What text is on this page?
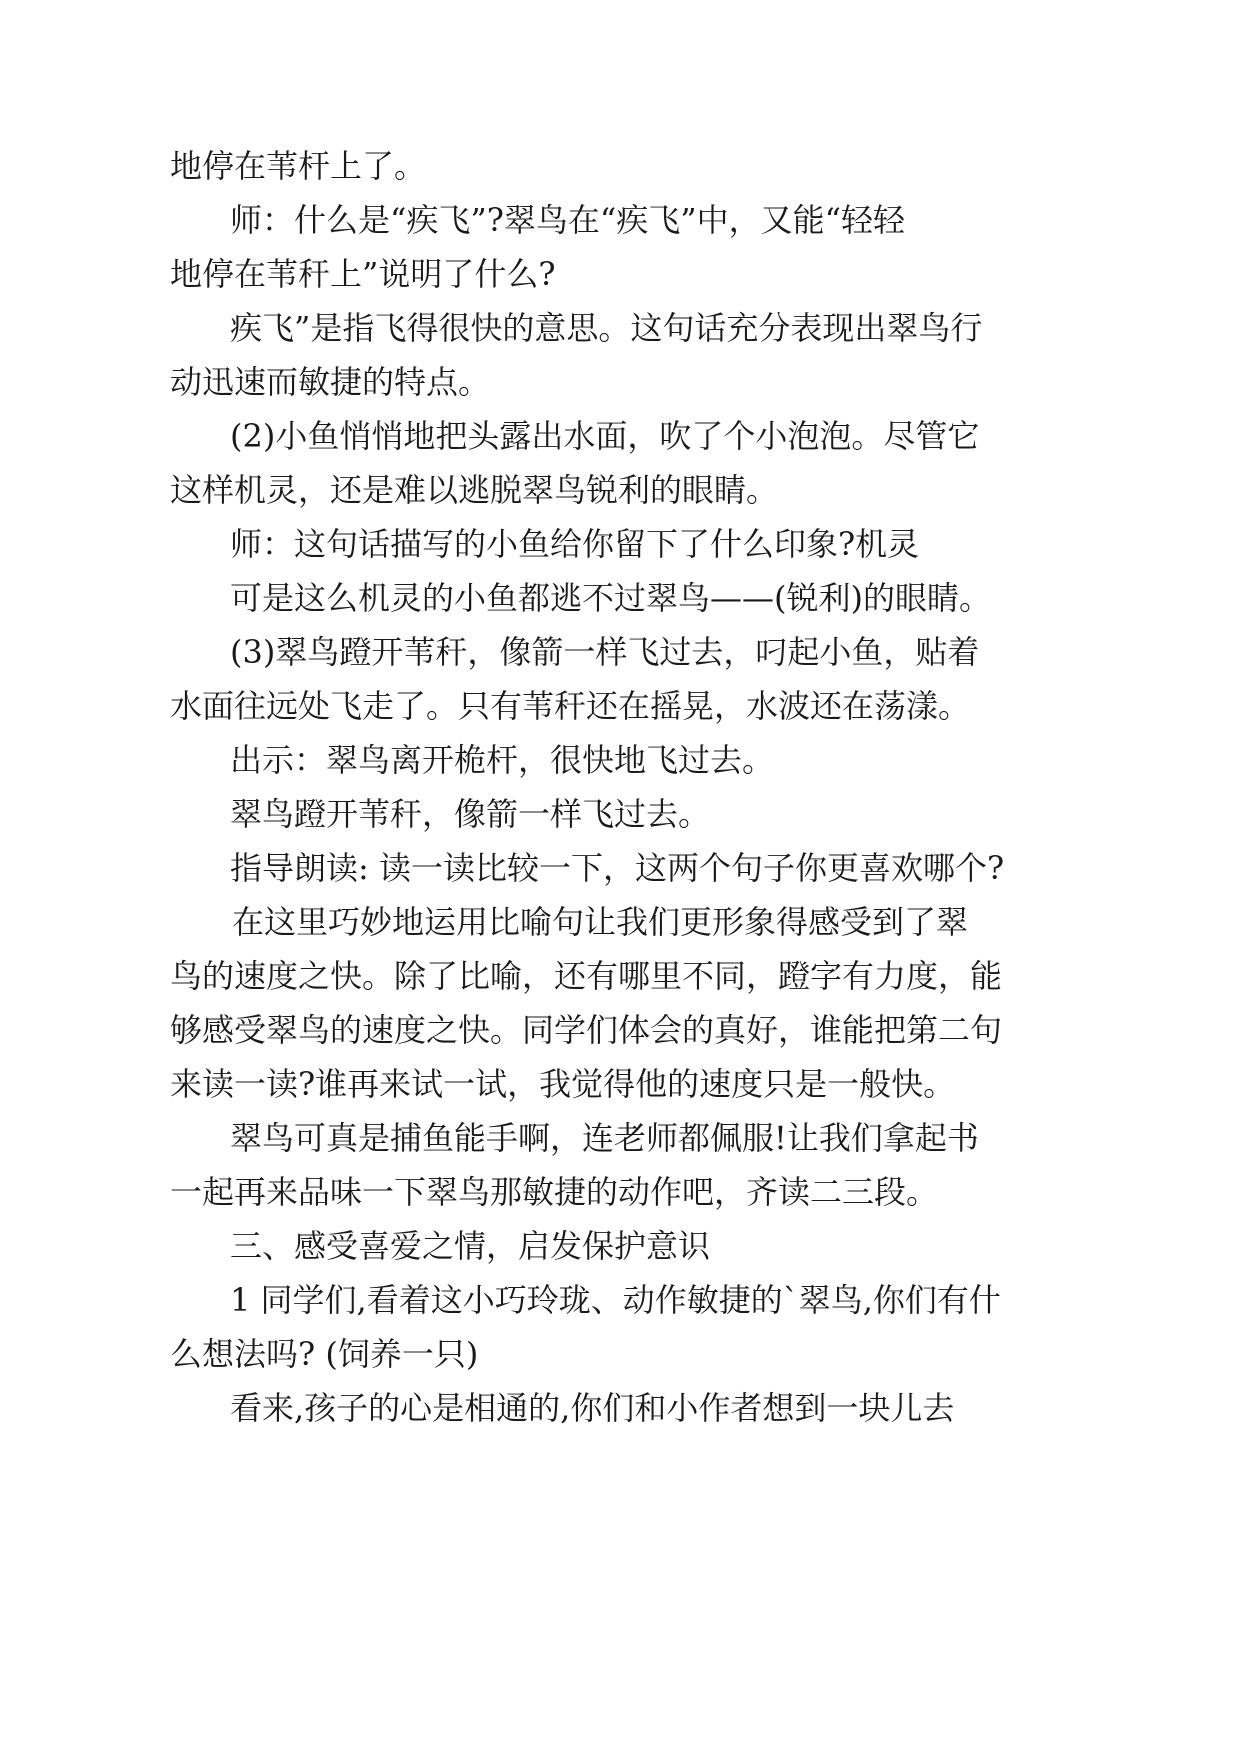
地停在苇杆上了。
师：什么是“疾飞”?翠鸟在“疾飞”中，又能“轻轻
地停在苇秆上”说明了什么?
疾飞”是指飞得很快的意思。这句话充分表现出翠鸟行
动迅速而敏捷的特点。
(2)小鱼悄悄地把头露出水面，吹了个小泡泡。尽管它
这样机灵，还是难以逃脱翠鸟锐利的眼睛。
师：这句话描写的小鱼给你留下了什么印象?机灵
可是这么机灵的小鱼都逃不过翠鸟——(锐利)的眼睛。
(3)翠鸟蹬开苇秆，像箭一样飞过去，叼起小鱼，贴着
水面往远处飞走了。只有苇秆还在摇晃，水波还在荡漾。
出示：翠鸟离开桅杆，很快地飞过去。
翠鸟蹬开苇秆，像箭一样飞过去。
指导朗读: 读一读比较一下，这两个句子你更喜欢哪个?
在这里巧妙地运用比喻句让我们更形象得感受到了翠
鸟的速度之快。除了比喻，还有哪里不同，蹬字有力度，能
够感受翠鸟的速度之快。同学们体会的真好，谁能把第二句
来读一读?谁再来试一试，我觉得他的速度只是一般快。
翠鸟可真是捕鱼能手啊，连老师都佩服!让我们拿起书
一起再来品味一下翠鸟那敏捷的动作吧，齐读二三段。
三、感受喜爱之情，启发保护意识
1 同学们,看着这小巧玲珑、动作敏捷的`翠鸟,你们有什
么想法吗? (饲养一只)
看来,孩子的心是相通的,你们和小作者想到一块儿去
